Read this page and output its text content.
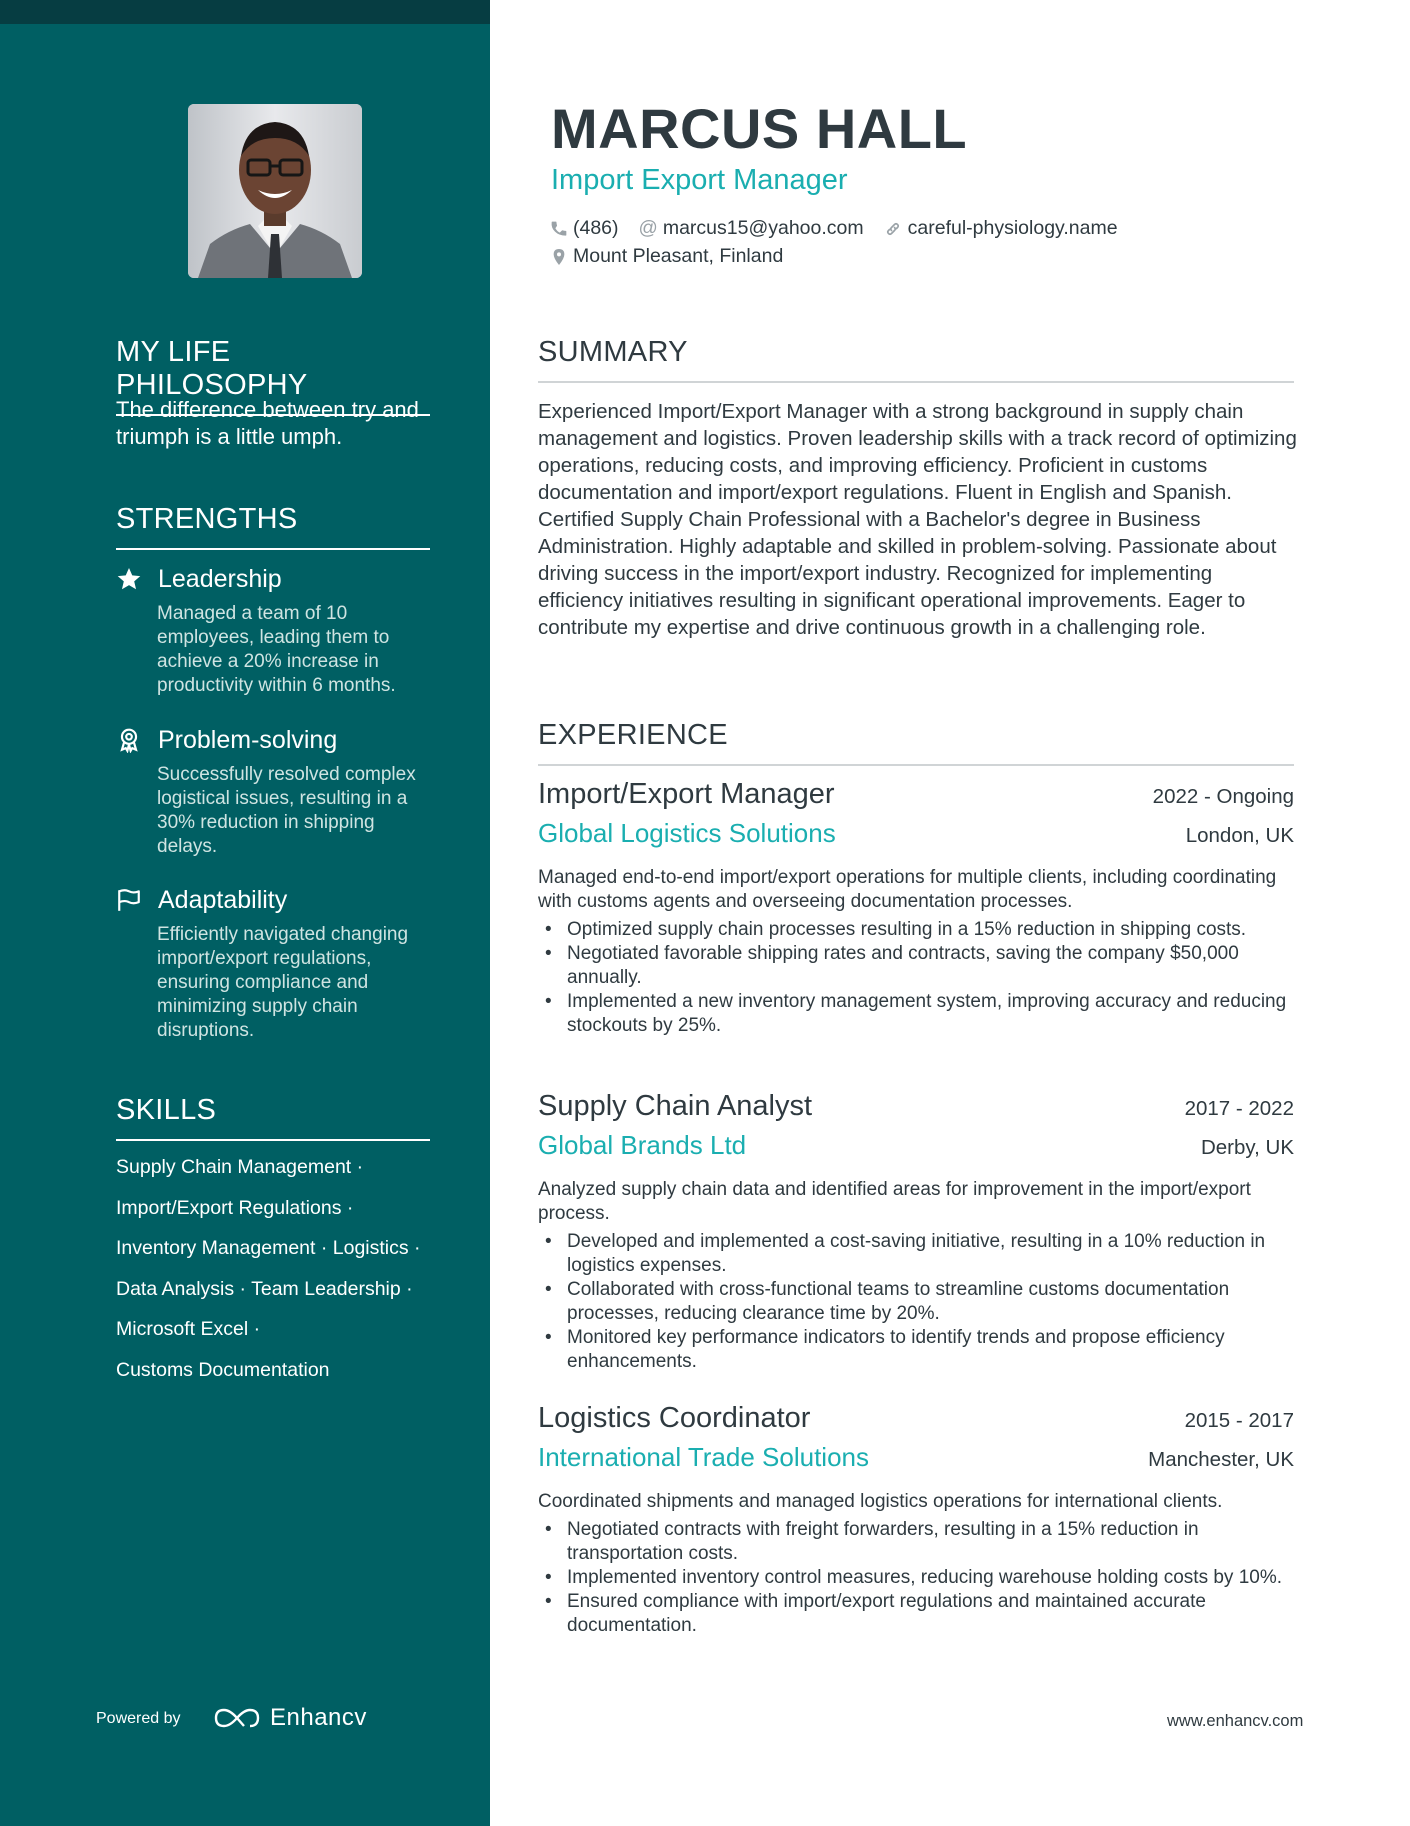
MY LIFE PHILOSOPHY
The difference between try and triumph is a little umph.
STRENGTHS
Leadership
Managed a team of 10 employees, leading them to achieve a 20% increase in productivity within 6 months.
Problem-solving
Successfully resolved complex logistical issues, resulting in a 30% reduction in shipping delays.
Adaptability
Efficiently navigated changing import/export regulations, ensuring compliance and minimizing supply chain disruptions.
SKILLS
Supply Chain Management ·
Import/Export Regulations ·
Inventory Management · Logistics ·
Data Analysis · Team Leadership ·
Microsoft Excel ·
Customs Documentation
Powered by	Enhancv
MARCUS HALL
Import Export Manager
(486) @ marcus15@yahoo.com careful-physiology.name
Mount Pleasant, Finland
SUMMARY
Experienced Import/Export Manager with a strong background in supply chain management and logistics. Proven leadership skills with a track record of optimizing operations, reducing costs, and improving efficiency. Proficient in customs documentation and import/export regulations. Fluent in English and Spanish. Certified Supply Chain Professional with a Bachelor's degree in Business Administration. Highly adaptable and skilled in problem-solving. Passionate about driving success in the import/export industry. Recognized for implementing efficiency initiatives resulting in significant operational improvements. Eager to contribute my expertise and drive continuous growth in a challenging role.
EXPERIENCE
Import/Export Manager	2022 - Ongoing
Global Logistics Solutions	London, UK
Managed end-to-end import/export operations for multiple clients, including coordinating with customs agents and overseeing documentation processes.
• Optimized supply chain processes resulting in a 15% reduction in shipping costs.
• Negotiated favorable shipping rates and contracts, saving the company $50,000 annually.
• Implemented a new inventory management system, improving accuracy and reducing stockouts by 25%.
Supply Chain Analyst	2017 - 2022
Global Brands Ltd	Derby, UK
Analyzed supply chain data and identified areas for improvement in the import/export process.
• Developed and implemented a cost-saving initiative, resulting in a 10% reduction in logistics expenses.
• Collaborated with cross-functional teams to streamline customs documentation processes, reducing clearance time by 20%.
• Monitored key performance indicators to identify trends and propose efficiency enhancements.
Logistics Coordinator	2015 - 2017
International Trade Solutions	Manchester, UK
Coordinated shipments and managed logistics operations for international clients.
• Negotiated contracts with freight forwarders, resulting in a 15% reduction in transportation costs.
• Implemented inventory control measures, reducing warehouse holding costs by 10%.
• Ensured compliance with import/export regulations and maintained accurate documentation.
www.enhancv.com
